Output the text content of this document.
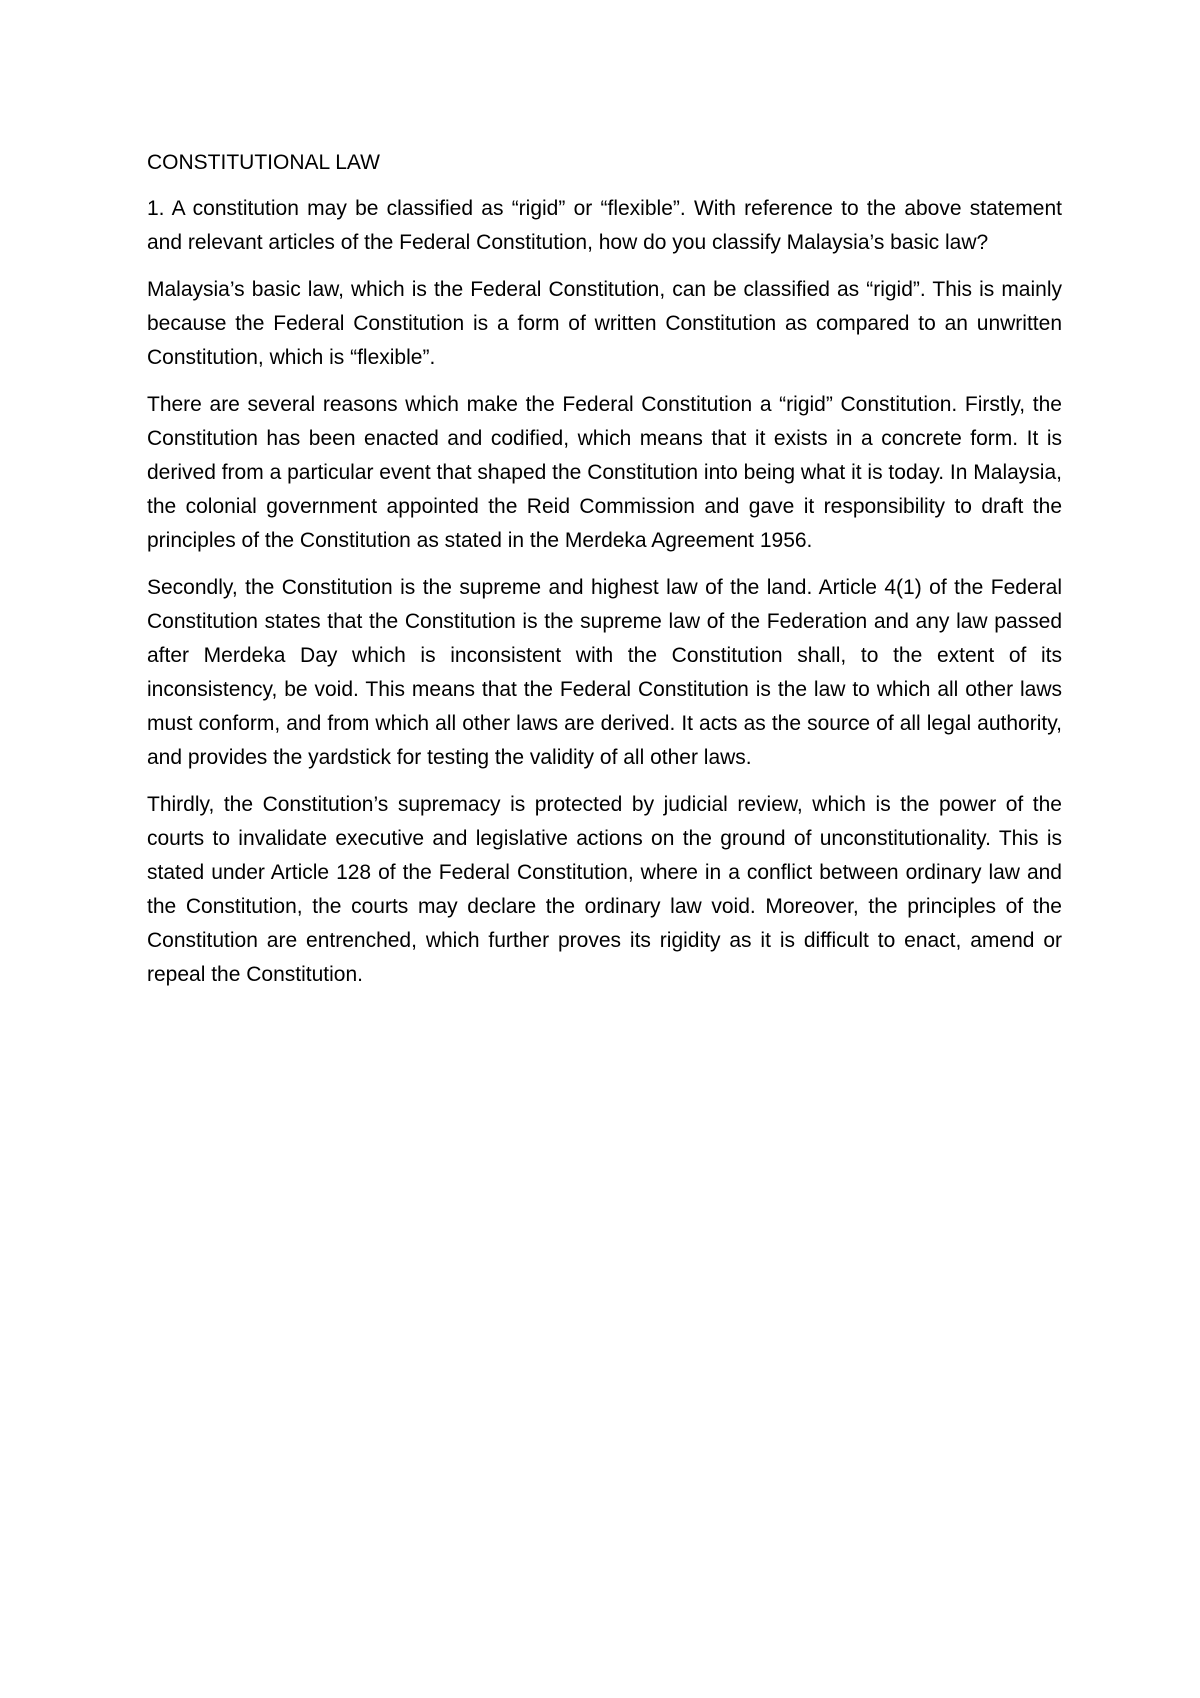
CONSTITUTIONAL LAW

1. A constitution may be classified as “rigid” or “flexible”. With reference to the above statement and relevant articles of the Federal Constitution, how do you classify Malaysia’s basic law?

Malaysia’s basic law, which is the Federal Constitution, can be classified as “rigid”. This is mainly because the Federal Constitution is a form of written Constitution as compared to an unwritten Constitution, which is “flexible”.

There are several reasons which make the Federal Constitution a “rigid” Constitution. Firstly, the Constitution has been enacted and codified, which means that it exists in a concrete form. It is derived from a particular event that shaped the Constitution into being what it is today. In Malaysia, the colonial government appointed the Reid Commission and gave it responsibility to draft the principles of the Constitution as stated in the Merdeka Agreement 1956.

Secondly, the Constitution is the supreme and highest law of the land. Article 4(1) of the Federal Constitution states that the Constitution is the supreme law of the Federation and any law passed after Merdeka Day which is inconsistent with the Constitution shall, to the extent of its inconsistency, be void. This means that the Federal Constitution is the law to which all other laws must conform, and from which all other laws are derived. It acts as the source of all legal authority, and provides the yardstick for testing the validity of all other laws.

Thirdly, the Constitution’s supremacy is protected by judicial review, which is the power of the courts to invalidate executive and legislative actions on the ground of unconstitutionality. This is stated under Article 128 of the Federal Constitution, where in a conflict between ordinary law and the Constitution, the courts may declare the ordinary law void. Moreover, the principles of the Constitution are entrenched, which further proves its rigidity as it is difficult to enact, amend or repeal the Constitution.
